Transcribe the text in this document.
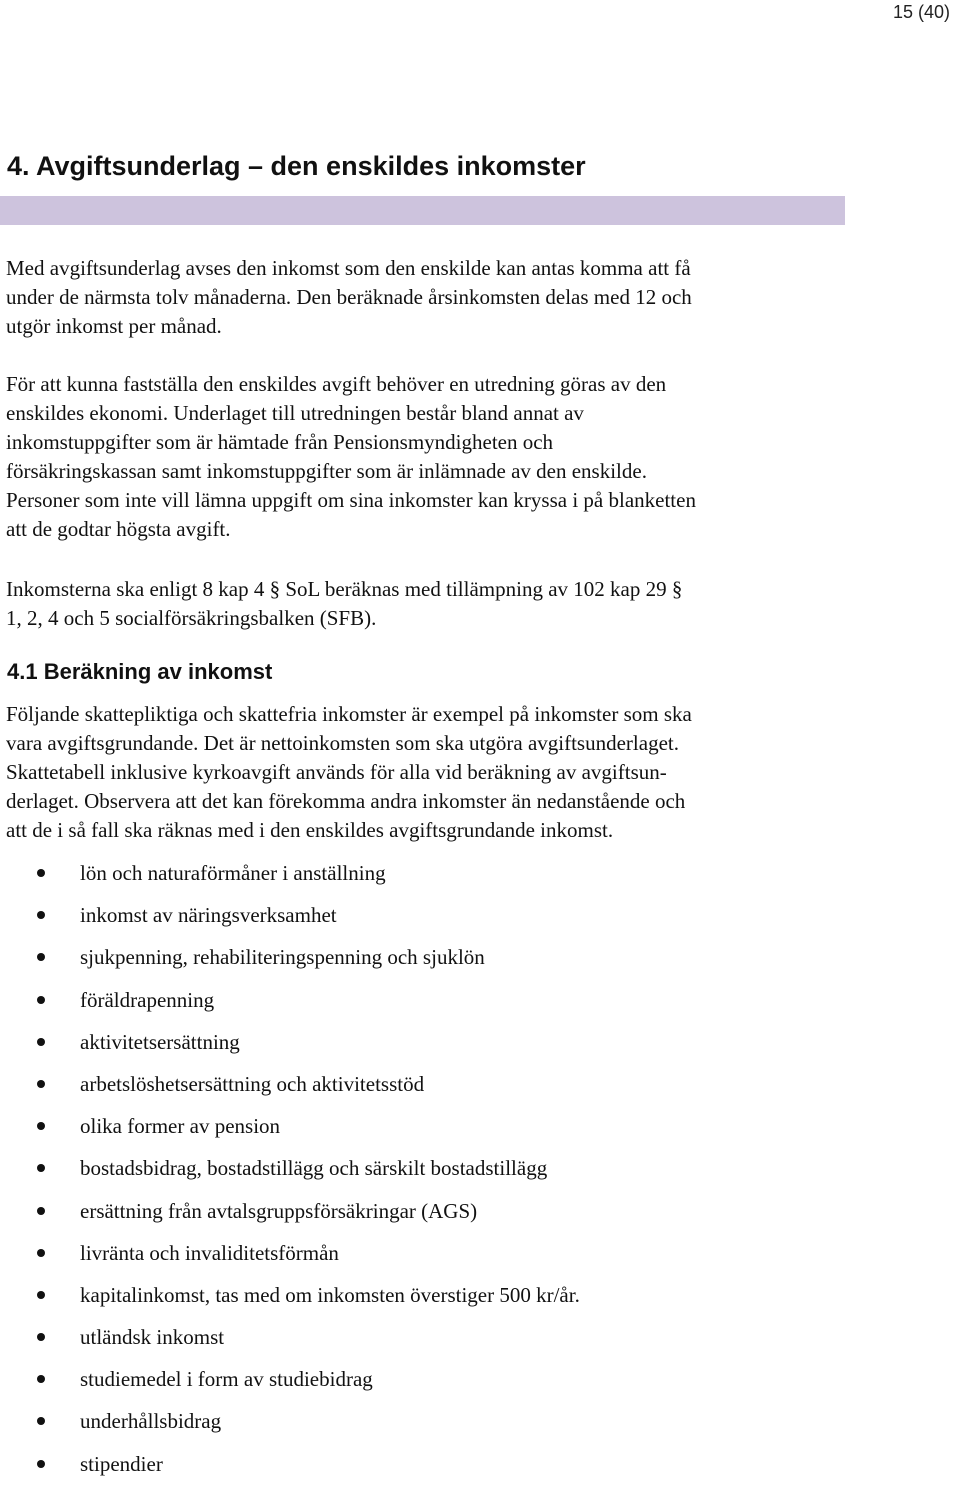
15 (40)
4. Avgiftsunderlag – den enskildes inkomster

Med avgiftsunderlag avses den inkomst som den enskilde kan antas komma att få

under de närmsta tolv månaderna. Den beräknade årsinkomsten delas med 12 och

utgör inkomst per månad.

För att kunna fastställa den enskildes avgift behöver en utredning göras av den

enskildes ekonomi. Underlaget till utredningen består bland annat av

inkomstuppgifter som är hämtade från Pensionsmyndigheten och

försäkringskassan samt inkomstuppgifter som är inlämnade av den enskilde.

Personer som inte vill lämna uppgift om sina inkomster kan kryssa i på blanketten

att de godtar högsta avgift.

Inkomsterna ska enligt 8 kap 4 § SoL beräknas med tillämpning av 102 kap 29 §

1, 2, 4 och 5 socialförsäkringsbalken (SFB).

4.1 Beräkning av inkomst

Följande skattepliktiga och skattefria inkomster är exempel på inkomster som ska

vara avgiftsgrundande. Det är nettoinkomsten som ska utgöra avgiftsunderlaget.

Skattetabell inklusive kyrkoavgift används för alla vid beräkning av avgiftsun-

derlaget. Observera att det kan förekomma andra inkomster än nedanstående och

att de i så fall ska räknas med i den enskildes avgiftsgrundande inkomst.

lön och naturaförmåner i anställning
inkomst av näringsverksamhet
sjukpenning, rehabiliteringspenning och sjuklön
föräldrapenning
aktivitetsersättning
arbetslöshetsersättning och aktivitetsstöd
olika former av pension
bostadsbidrag, bostadstillägg och särskilt bostadstillägg
ersättning från avtalsgruppsförsäkringar (AGS)
livränta och invaliditetsförmån
kapitalinkomst, tas med om inkomsten överstiger 500 kr/år.
utländsk inkomst
studiemedel i form av studiebidrag
underhållsbidrag
stipendier
